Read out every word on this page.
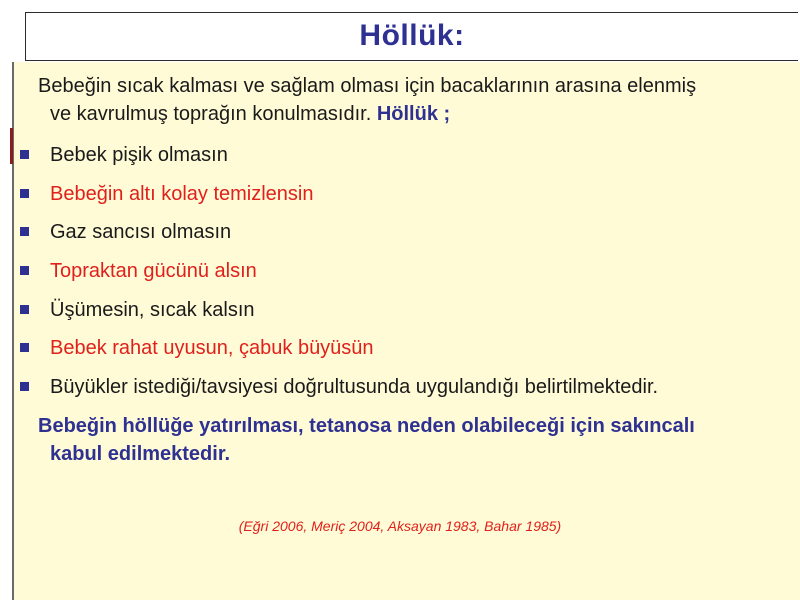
Höllük:
Bebeğin sıcak kalması ve sağlam olması için bacaklarının arasına elenmiş
ve kavrulmuş toprağın konulmasıdır. Höllük ;
Bebek pişik olmasın
Bebeğin altı kolay temizlensin
Gaz sancısı olmasın
Topraktan gücünü alsın
Üşümesin, sıcak kalsın
Bebek rahat uyusun, çabuk büyüsün
Büyükler istediği/tavsiyesi doğrultusunda uygulandığı belirtilmektedir.
Bebeğin höllüğe yatırılması, tetanosa neden olabileceği için sakıncalı
kabul edilmektedir.
(Eğri 2006, Meriç 2004, Aksayan 1983, Bahar 1985)
